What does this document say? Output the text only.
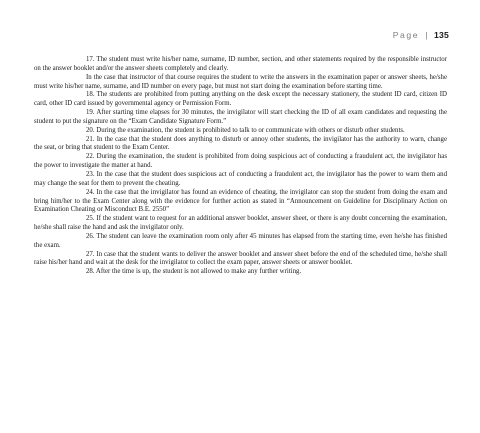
Page | 135

17. The student must write his/her name, surname, ID number, section, and other statements required by the responsible instructor on the answer booklet and/or the answer sheets completely and clearly.

In the case that instructor of that course requires the student to write the answers in the examination paper or answer sheets, he/she must write his/her name, surname, and ID number on every page, but must not start doing the examination before starting time.

18. The students are prohibited from putting anything on the desk except the necessary stationery, the student ID card, citizen ID card, other ID card issued by governmental agency or Permission Form.

19. After starting time elapses for 30 minutes, the invigilator will start checking the ID of all exam candidates and requesting the student to put the signature on the “Exam Candidate Signature Form.”

20. During the examination, the student is prohibited to talk to or communicate with others or disturb other students.

21. In the case that the student does anything to disturb or annoy other students, the invigilator has the authority to warn, change the seat, or bring that student to the Exam Center.

22. During the examination, the student is prohibited from doing suspicious act of conducting a fraudulent act, the invigilator has the power to investigate the matter at hand.

23. In the case that the student does suspicious act of conducting a fraudulent act, the invigilator has the power to warn them and may change the seat for them to prevent the cheating.

24. In the case that the invigilator has found an evidence of cheating, the invigilator can stop the student from doing the exam and bring him/her to the Exam Center along with the evidence for further action as stated in “Announcement on Guideline for Disciplinary Action on Examination Cheating or Misconduct B.E. 2550”

25. If the student want to request for an additional answer booklet, answer sheet, or there is any doubt concerning the examination, he/she shall raise the hand and ask the invigilator only.

26. The student can leave the examination room only after 45 minutes has elapsed from the starting time, even he/she has finished the exam.

27. In case that the student wants to deliver the answer booklet and answer sheet before the end of the scheduled time, he/she shall raise his/her hand and wait at the desk for the invigilator to collect the exam paper, answer sheets or answer booklet.

28. After the time is up, the student is not allowed to make any further writing.
